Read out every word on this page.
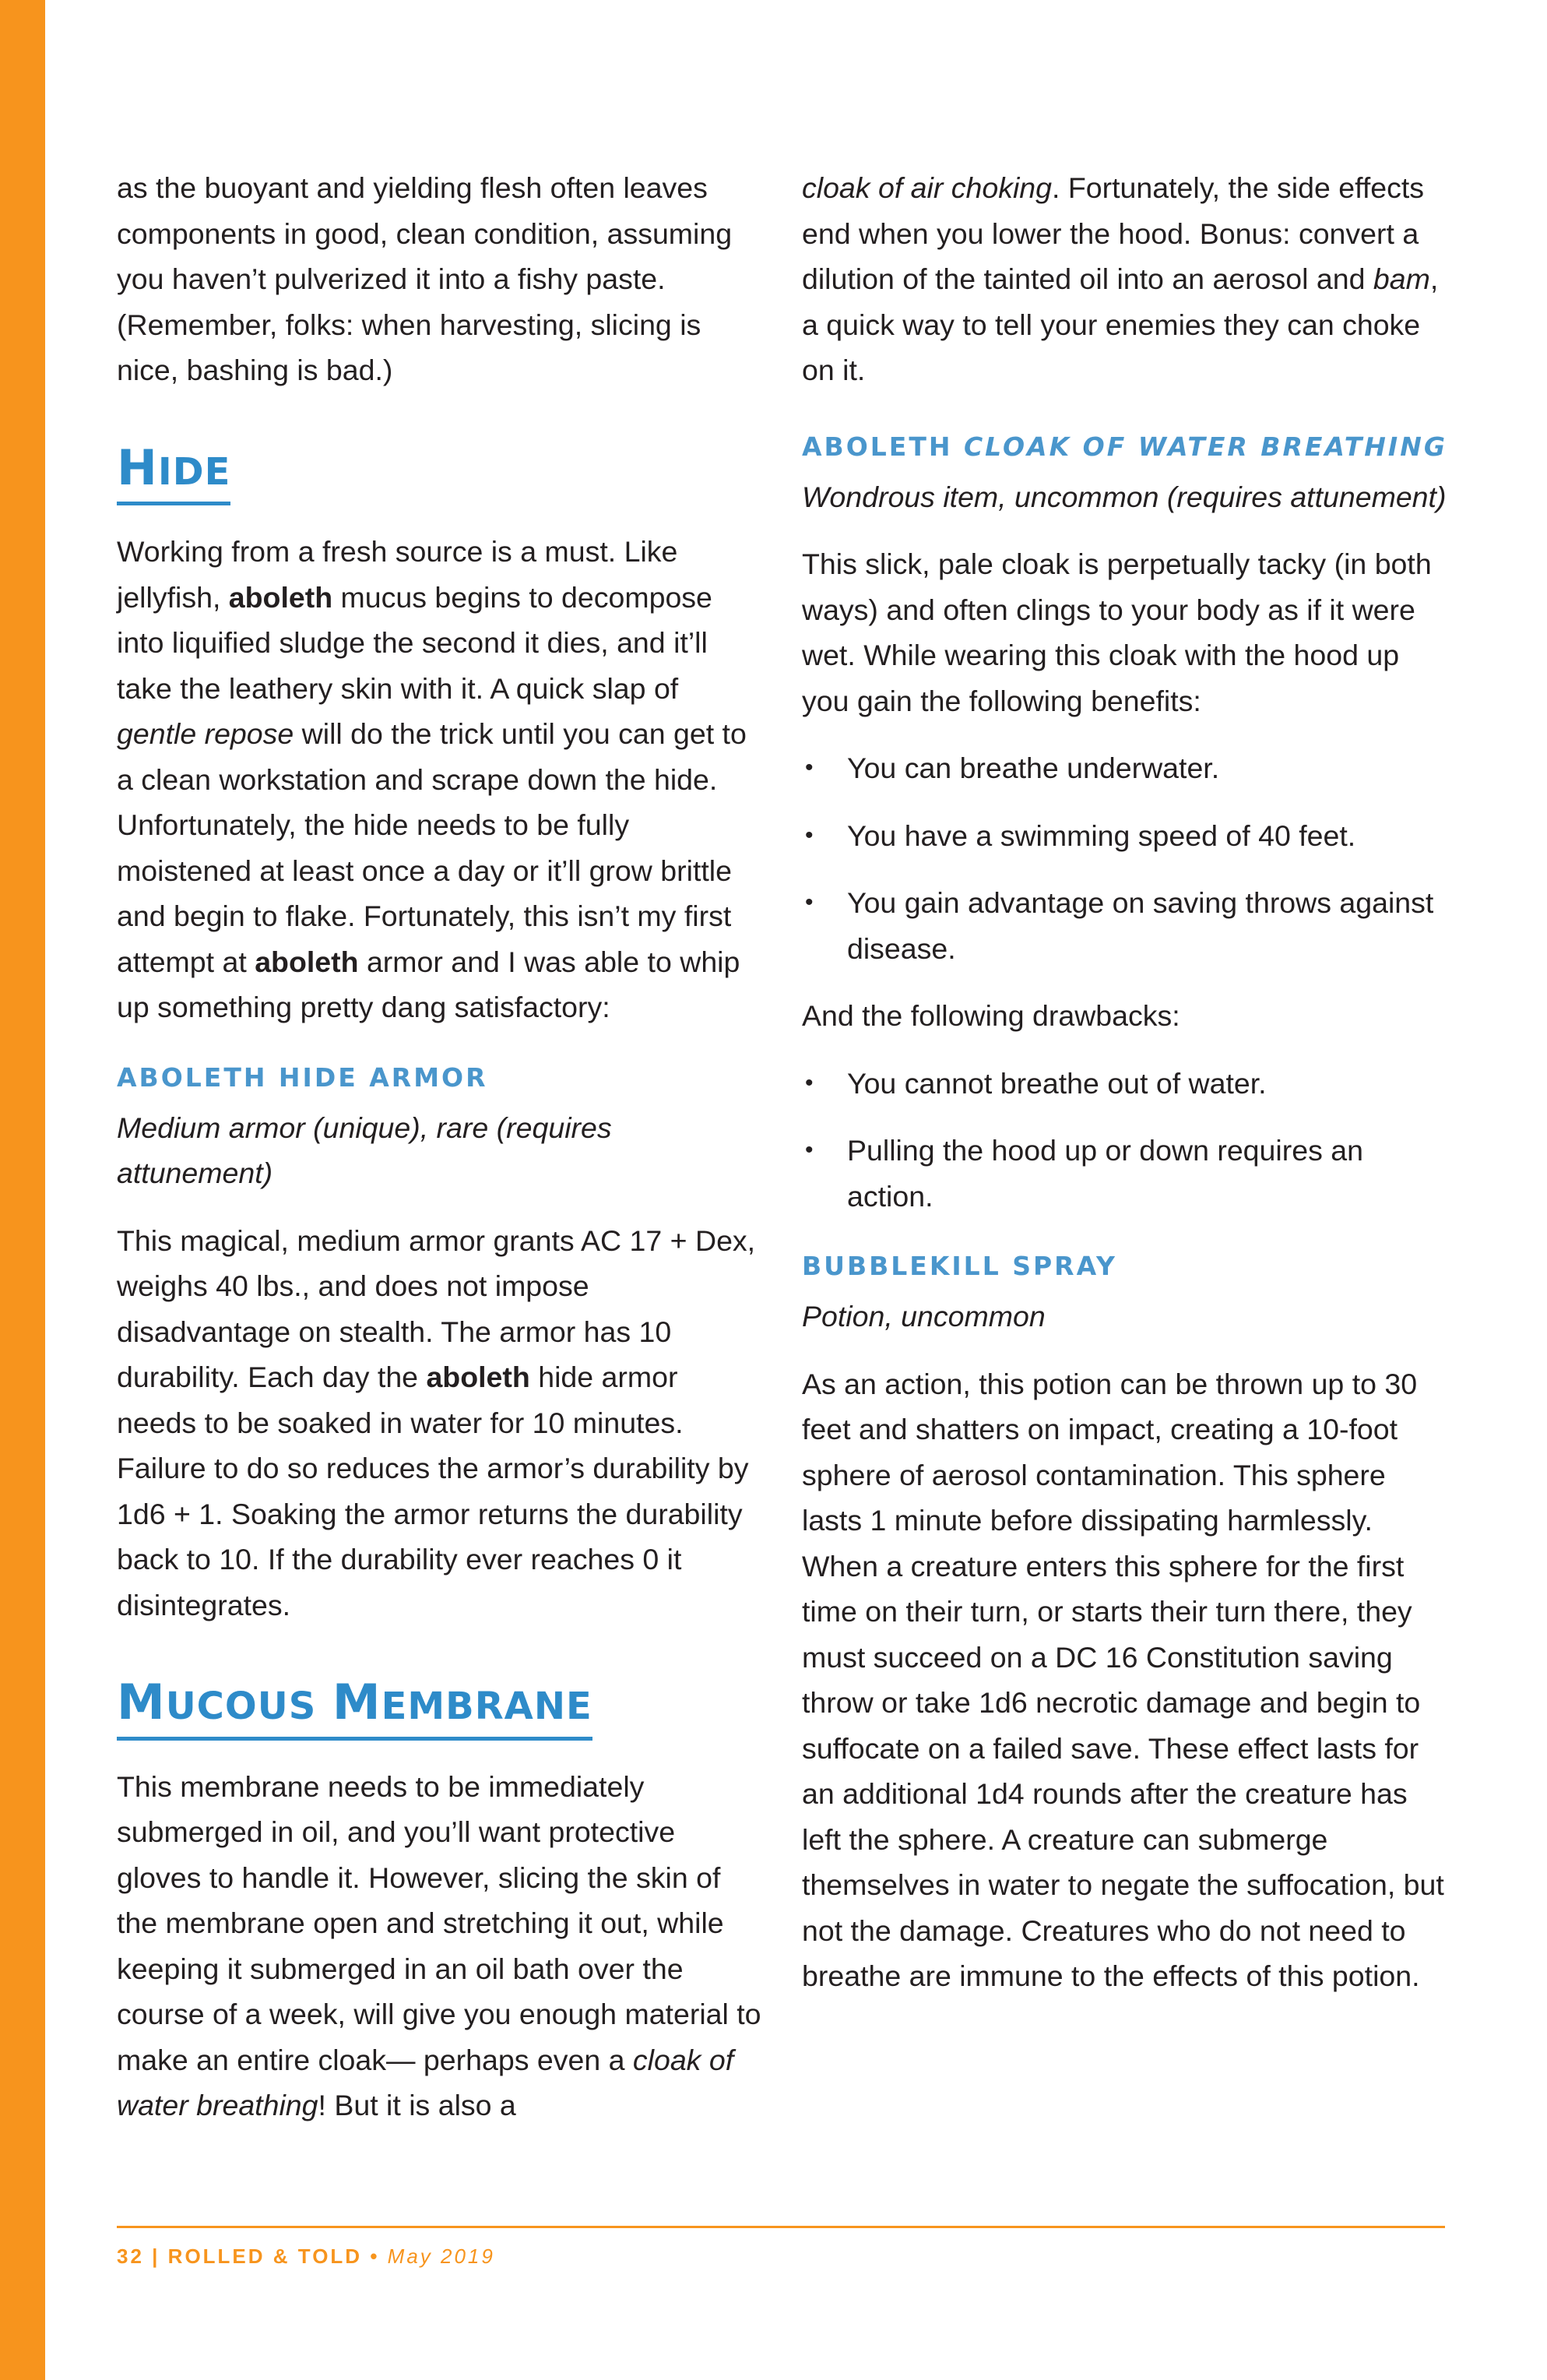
as the buoyant and yielding flesh often leaves components in good, clean condition, assuming you haven’t pulverized it into a fishy paste. (Remember, folks: when harvesting, slicing is nice, bashing is bad.)

HIDE

Working from a fresh source is a must. Like jellyfish, aboleth mucus begins to decompose into liquified sludge the second it dies, and it’ll take the leathery skin with it. A quick slap of gentle repose will do the trick until you can get to a clean workstation and scrape down the hide. Unfortunately, the hide needs to be fully moistened at least once a day or it’ll grow brittle and begin to flake. Fortunately, this isn’t my first attempt at aboleth armor and I was able to whip up something pretty dang satisfactory:

ABOLETH HIDE ARMOR

Medium armor (unique), rare (requires attunement)

This magical, medium armor grants AC 17 + Dex, weighs 40 lbs., and does not impose disadvantage on stealth. The armor has 10 durability. Each day the aboleth hide armor needs to be soaked in water for 10 minutes. Failure to do so reduces the armor’s durability by 1d6 + 1. Soaking the armor returns the durability back to 10. If the durability ever reaches 0 it disintegrates.

MUCOUS MEMBRANE

This membrane needs to be immediately submerged in oil, and you’ll want protective gloves to handle it. However, slicing the skin of the membrane open and stretching it out, while keeping it submerged in an oil bath over the course of a week, will give you enough material to make an entire cloak— perhaps even a cloak of water breathing! But it is also a

cloak of air choking. Fortunately, the side effects end when you lower the hood. Bonus: convert a dilution of the tainted oil into an aerosol and bam, a quick way to tell your enemies they can choke on it.

ABOLETH CLOAK OF WATER BREATHING

Wondrous item, uncommon (requires attunement)

This slick, pale cloak is perpetually tacky (in both ways) and often clings to your body as if it were wet. While wearing this cloak with the hood up you gain the following benefits:

• You can breathe underwater.
• You have a swimming speed of 40 feet.
• You gain advantage on saving throws against disease.

And the following drawbacks:

• You cannot breathe out of water.
• Pulling the hood up or down requires an action.
BUBBLEKILL SPRAY

Potion, uncommon

As an action, this potion can be thrown up to 30 feet and shatters on impact, creating a 10-foot sphere of aerosol contamination. This sphere lasts 1 minute before dissipating harmlessly. When a creature enters this sphere for the first time on their turn, or starts their turn there, they must succeed on a DC 16 Constitution saving throw or take 1d6 necrotic damage and begin to suffocate on a failed save. These effect lasts for an additional 1d4 rounds after the creature has left the sphere. A creature can submerge themselves in water to negate the suffocation, but not the damage. Creatures who do not need to breathe are immune to the effects of this potion.

32 | ROLLED & TOLD • May 2019
